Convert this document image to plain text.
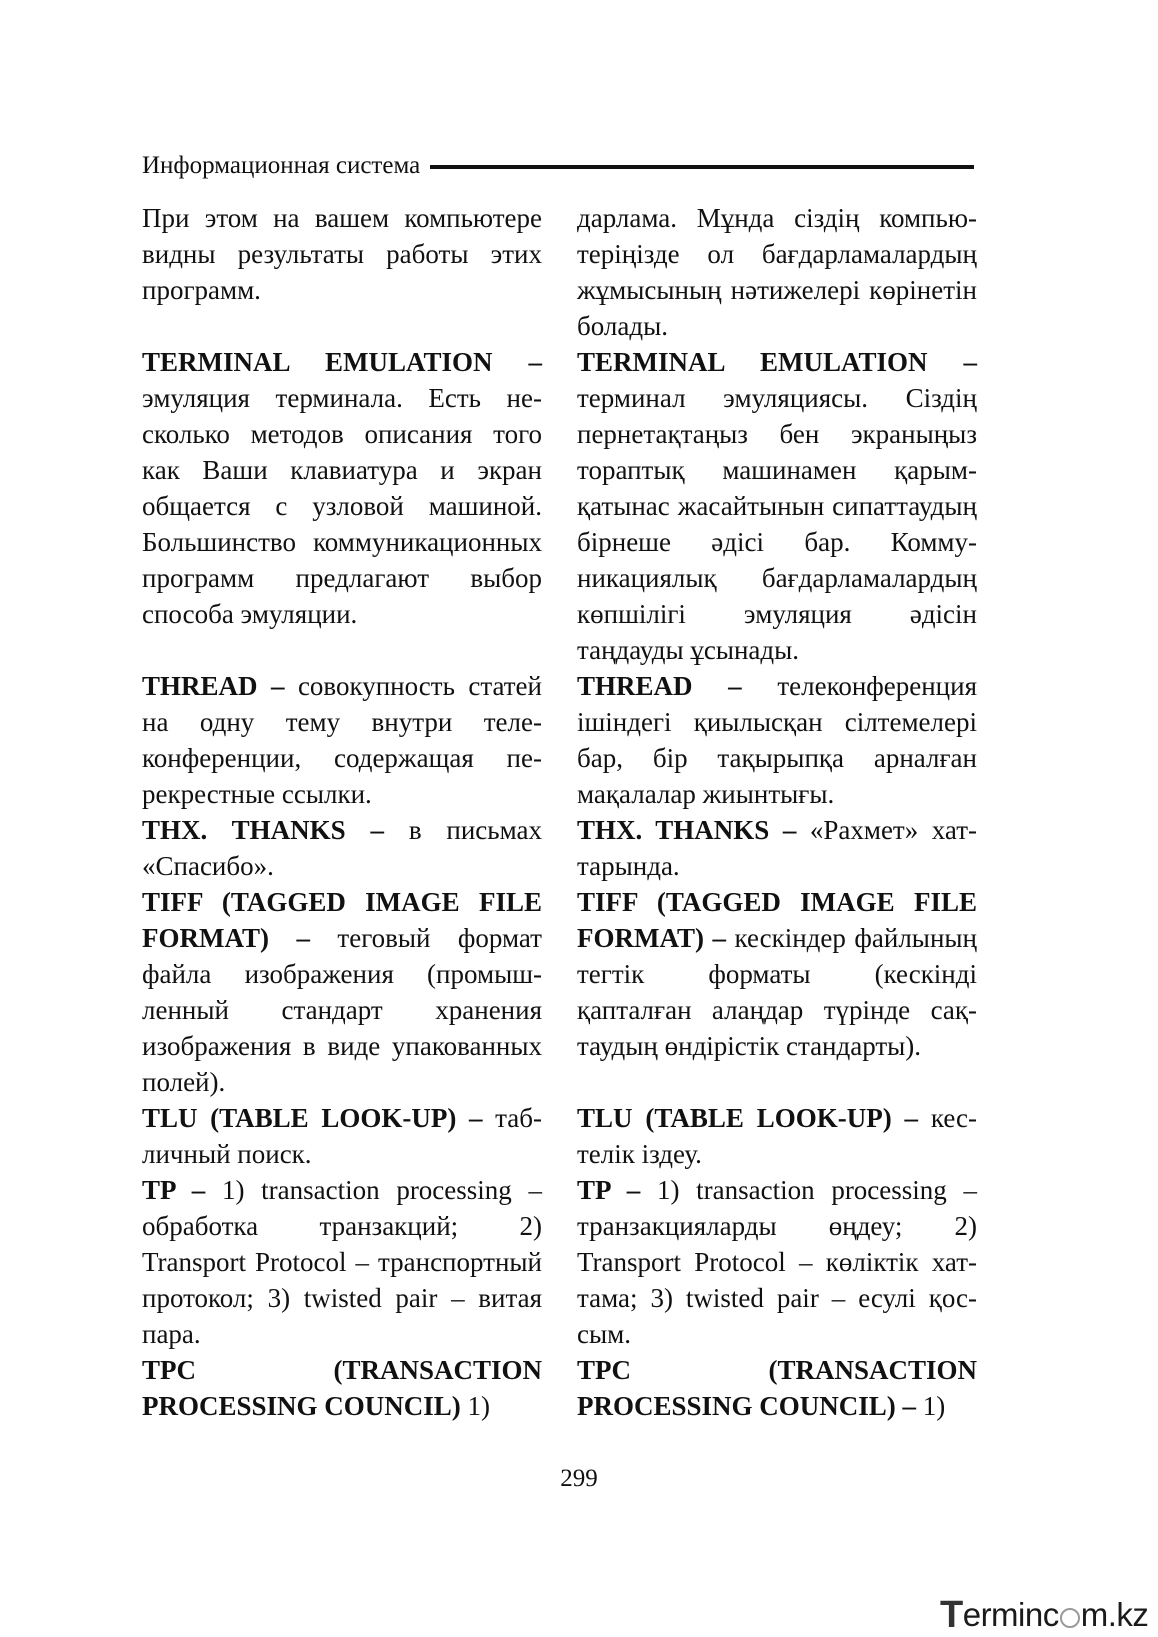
Информационная система

При этом на вашем компьютере видны результаты работы этих программ.

TERMINAL EMULATION – эмуляция терминала. Есть несколько методов описания того как Ваши клавиатура и экран общается с узловой машиной. Большинство коммуникационных программ предлагают выбор способа эмуляции.

THREAD – совокупность статей на одну тему внутри телеконференции, содержащая перекрестные ссылки.

THX. THANKS – в письмах «Спасибо».

TIFF (TAGGED IMAGE FILE FORMAT) – теговый формат файла изображения (промышленный стандарт хранения изображения в виде упакованных полей).

TLU (TABLE LOOK-UP) – табличный поиск.

TP – 1) transaction processing – обработка транзакций; 2) Transport Protocol – транспортный протокол; 3) twisted pair – витая пара.

TPC (TRANSACTION PROCESSING COUNCIL) 1)

дарлама. Мұнда сіздің компьютеріңізде ол бағдарламалардың жұмысының нәтижелері көрінетін болады.

TERMINAL EMULATION – терминал эмуляциясы. Сіздің пернетақтаңыз бен экраныңыз тораптық машинамен қарымқатынас жасайтынын сипаттаудың бірнеше әдісі бар. Коммуникациялық бағдарламалардың көпшілігі эмуляция әдісін таңдауды ұсынады.

THREAD – телеконференция ішіндегі қиылысқан сілтемелері бар, бір тақырыпқа арналған мақалалар жиынтығы.

THX. THANKS – «Рахмет» хаттарында.

TIFF (TAGGED IMAGE FILE FORMAT) – кескіндер файлының тегтік форматы (кескінді қапталған алаңдар түрінде сақтаудың өндірістік стандарты).

TLU (TABLE LOOK-UP) – кестелік іздеу.

TP – 1) transaction processing – транзакцияларды өңдеу; 2) Transport Protocol – көліктік хаттама; 3) twisted pair – есулі қоссым.

TPC (TRANSACTION PROCESSING COUNCIL) – 1)

299
T erminc m.kz
